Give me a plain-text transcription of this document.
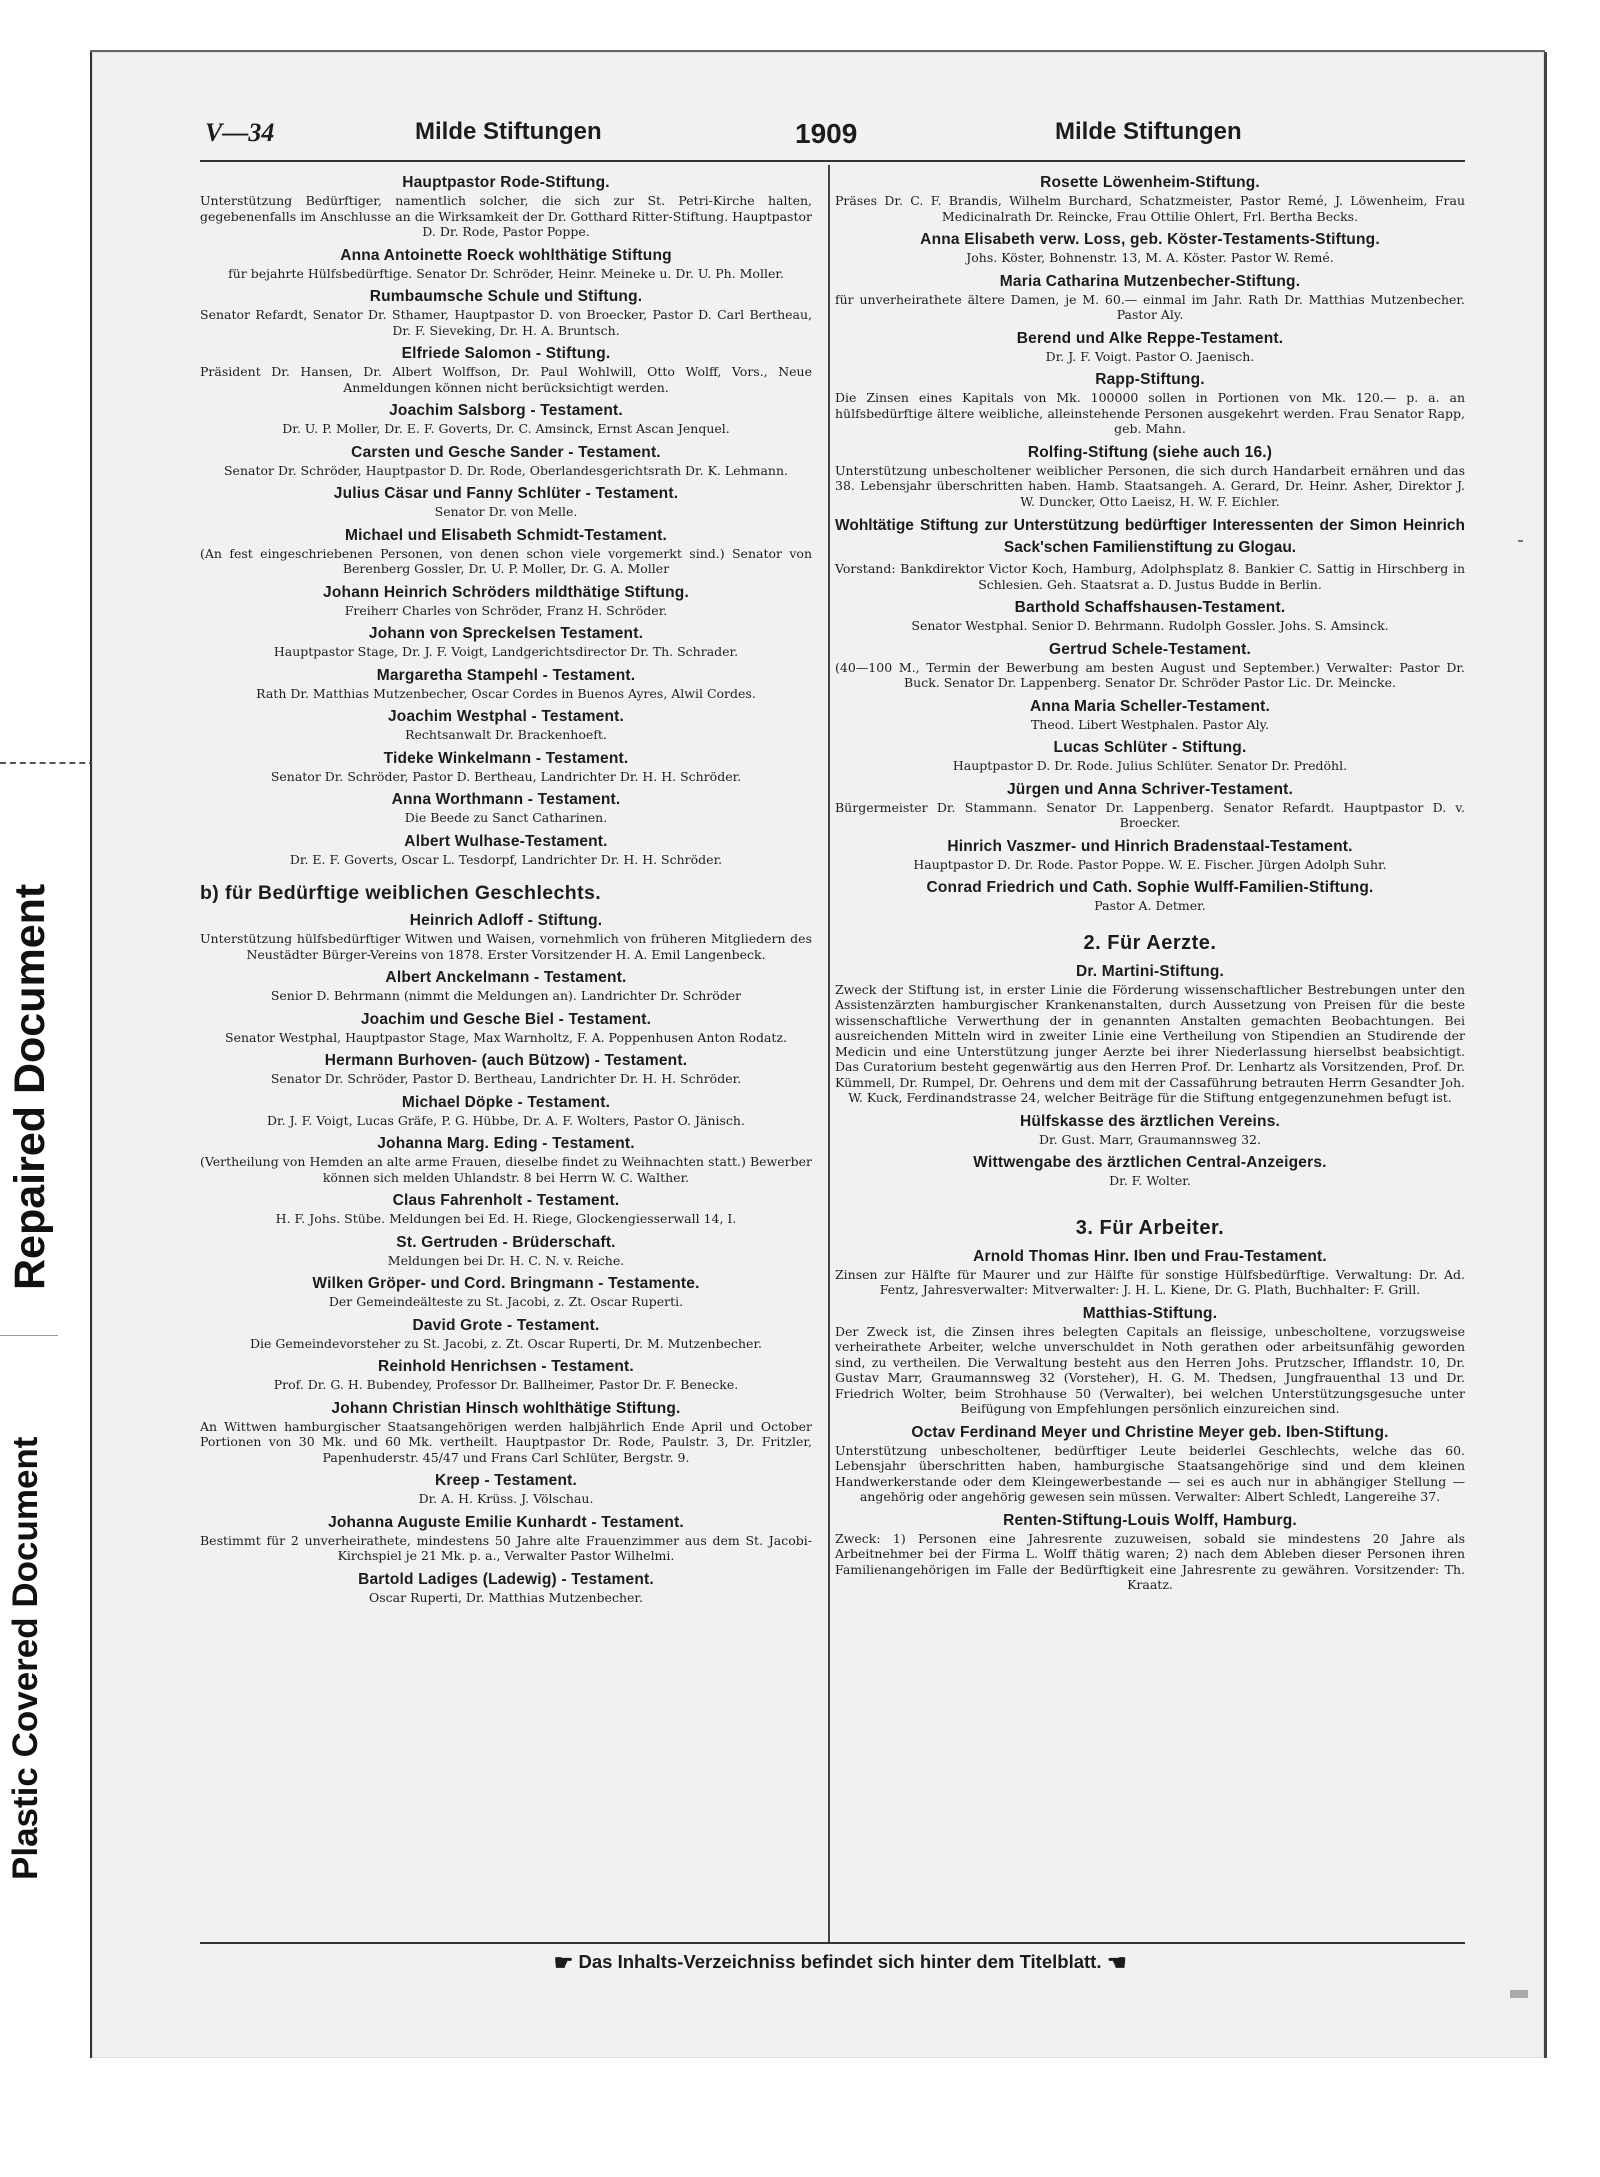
Plastic Covered Document
Repaired Document
V—34	Milde Stiftungen	1909	Milde Stiftungen
Hauptpastor Rode-Stiftung.

Unterstützung Bedürftiger, namentlich solcher, die sich zur St. Petri-Kirche halten, gegebenenfalls im Anschlusse an die Wirksamkeit der Dr. Gotthard Ritter-Stiftung. Hauptpastor D. Dr. Rode, Pastor Poppe.

Anna Antoinette Roeck wohlthätige Stiftung

für bejahrte Hülfsbedürftige. Senator Dr. Schröder, Heinr. Meineke u. Dr. U. Ph. Moller.

Rumbaumsche Schule und Stiftung.

Senator Refardt, Senator Dr. Sthamer, Hauptpastor D. von Broecker, Pastor D. Carl Bertheau, Dr. F. Sieveking, Dr. H. A. Bruntsch.

Elfriede Salomon - Stiftung.

Präsident Dr. Hansen, Dr. Albert Wolffson, Dr. Paul Wohlwill, Otto Wolff, Vors., Neue Anmeldungen können nicht berücksichtigt werden.

Joachim Salsborg - Testament.

Dr. U. P. Moller, Dr. E. F. Goverts, Dr. C. Amsinck, Ernst Ascan Jenquel.

Carsten und Gesche Sander - Testament.

Senator Dr. Schröder, Hauptpastor D. Dr. Rode, Oberlandesgerichtsrath Dr. K. Lehmann.

Julius Cäsar und Fanny Schlüter - Testament.

Senator Dr. von Melle.

Michael und Elisabeth Schmidt-Testament.

(An fest eingeschriebenen Personen, von denen schon viele vorgemerkt sind.) Senator von Berenberg Gossler, Dr. U. P. Moller, Dr. G. A. Moller

Johann Heinrich Schröders mildthätige Stiftung.

Freiherr Charles von Schröder, Franz H. Schröder.

Johann von Spreckelsen Testament.

Hauptpastor Stage, Dr. J. F. Voigt, Landgerichtsdirector Dr. Th. Schrader.

Margaretha Stampehl - Testament.

Rath Dr. Matthias Mutzenbecher, Oscar Cordes in Buenos Ayres, Alwil Cordes.

Joachim Westphal - Testament.

Rechtsanwalt Dr. Brackenhoeft.

Tideke Winkelmann - Testament.

Senator Dr. Schröder, Pastor D. Bertheau, Landrichter Dr. H. H. Schröder.

Anna Worthmann - Testament.

Die Beede zu Sanct Catharinen.

Albert Wulhase-Testament.

Dr. E. F. Goverts, Oscar L. Tesdorpf, Landrichter Dr. H. H. Schröder.

b) für Bedürftige weiblichen Geschlechts.
Heinrich Adloff - Stiftung.

Unterstützung hülfsbedürftiger Witwen und Waisen, vornehmlich von früheren Mitgliedern des Neustädter Bürger-Vereins von 1878. Erster Vorsitzender H. A. Emil Langenbeck.

Albert Anckelmann - Testament.

Senior D. Behrmann (nimmt die Meldungen an). Landrichter Dr. Schröder

Joachim und Gesche Biel - Testament.

Senator Westphal, Hauptpastor Stage, Max Warnholtz, F. A. Poppenhusen Anton Rodatz.

Hermann Burhoven- (auch Bützow) - Testament.

Senator Dr. Schröder, Pastor D. Bertheau, Landrichter Dr. H. H. Schröder.

Michael Döpke - Testament.

Dr. J. F. Voigt, Lucas Gräfe, P. G. Hübbe, Dr. A. F. Wolters, Pastor O. Jänisch.

Johanna Marg. Eding - Testament.

(Vertheilung von Hemden an alte arme Frauen, dieselbe findet zu Weihnachten statt.) Bewerber können sich melden Uhlandstr. 8 bei Herrn W. C. Walther.

Claus Fahrenholt - Testament.

H. F. Johs. Stübe. Meldungen bei Ed. H. Riege, Glockengiesserwall 14, I.

St. Gertruden - Brüderschaft.

Meldungen bei Dr. H. C. N. v. Reiche.

Wilken Gröper- und Cord. Bringmann - Testamente.

Der Gemeindeälteste zu St. Jacobi, z. Zt. Oscar Ruperti.

David Grote - Testament.

Die Gemeindevorsteher zu St. Jacobi, z. Zt. Oscar Ruperti, Dr. M. Mutzenbecher.

Reinhold Henrichsen - Testament.

Prof. Dr. G. H. Bubendey, Professor Dr. Ballheimer, Pastor Dr. F. Benecke.

Johann Christian Hinsch wohlthätige Stiftung.

An Wittwen hamburgischer Staatsangehörigen werden halbjährlich Ende April und October Portionen von 30 Mk. und 60 Mk. vertheilt. Hauptpastor Dr. Rode, Paulstr. 3, Dr. Fritzler, Papenhuderstr. 45/47 und Frans Carl Schlüter, Bergstr. 9.

Kreep - Testament.

Dr. A. H. Krüss. J. Völschau.

Johanna Auguste Emilie Kunhardt - Testament.

Bestimmt für 2 unverheirathete, mindestens 50 Jahre alte Frauenzimmer aus dem St. Jacobi-Kirchspiel je 21 Mk. p. a., Verwalter Pastor Wilhelmi.

Bartold Ladiges (Ladewig) - Testament.

Oscar Ruperti, Dr. Matthias Mutzenbecher.

Rosette Löwenheim-Stiftung.

Präses Dr. C. F. Brandis, Wilhelm Burchard, Schatzmeister, Pastor Remé, J. Löwenheim, Frau Medicinalrath Dr. Reincke, Frau Ottilie Ohlert, Frl. Bertha Becks.

Anna Elisabeth verw. Loss, geb. Köster-Testaments-Stiftung.

Johs. Köster, Bohnenstr. 13, M. A. Köster. Pastor W. Remé.

Maria Catharina Mutzenbecher-Stiftung.

für unverheirathete ältere Damen, je M. 60.— einmal im Jahr. Rath Dr. Matthias Mutzenbecher. Pastor Aly.

Berend und Alke Reppe-Testament.

Dr. J. F. Voigt. Pastor O. Jaenisch.

Rapp-Stiftung.

Die Zinsen eines Kapitals von Mk. 100000 sollen in Portionen von Mk. 120.— p. a. an hülfsbedürftige ältere weibliche, alleinstehende Personen ausgekehrt werden. Frau Senator Rapp, geb. Mahn.

Rolfing-Stiftung (siehe auch 16.)

Unterstützung unbescholtener weiblicher Personen, die sich durch Handarbeit ernähren und das 38. Lebensjahr überschritten haben. Hamb. Staatsangeh. A. Gerard, Dr. Heinr. Asher, Direktor J. W. Duncker, Otto Laeisz, H. W. F. Eichler.

Wohltätige Stiftung zur Unterstützung bedürftiger Interessenten der Simon Heinrich Sack'schen Familienstiftung zu Glogau.

Vorstand: Bankdirektor Victor Koch, Hamburg, Adolphsplatz 8. Bankier C. Sattig in Hirschberg in Schlesien. Geh. Staatsrat a. D. Justus Budde in Berlin.

Barthold Schaffshausen-Testament.

Senator Westphal. Senior D. Behrmann. Rudolph Gossler. Johs. S. Amsinck.

Gertrud Schele-Testament.

(40—100 M., Termin der Bewerbung am besten August und September.) Verwalter: Pastor Dr. Buck. Senator Dr. Lappenberg. Senator Dr. Schröder Pastor Lic. Dr. Meincke.

Anna Maria Scheller-Testament.

Theod. Libert Westphalen. Pastor Aly.

Lucas Schlüter - Stiftung.

Hauptpastor D. Dr. Rode. Julius Schlüter. Senator Dr. Predöhl.

Jürgen und Anna Schriver-Testament.

Bürgermeister Dr. Stammann. Senator Dr. Lappenberg. Senator Refardt. Hauptpastor D. v. Broecker.

Hinrich Vaszmer- und Hinrich Bradenstaal-Testament.

Hauptpastor D. Dr. Rode. Pastor Poppe. W. E. Fischer. Jürgen Adolph Suhr.

Conrad Friedrich und Cath. Sophie Wulff-Familien-Stiftung.

Pastor A. Detmer.

2. Für Aerzte.
Dr. Martini-Stiftung.

Zweck der Stiftung ist, in erster Linie die Förderung wissenschaftlicher Bestrebungen unter den Assistenzärzten hamburgischer Krankenanstalten, durch Aussetzung von Preisen für die beste wissenschaftliche Verwerthung der in genannten Anstalten gemachten Beobachtungen. Bei ausreichenden Mitteln wird in zweiter Linie eine Vertheilung von Stipendien an Studirende der Medicin und eine Unterstützung junger Aerzte bei ihrer Niederlassung hierselbst beabsichtigt. Das Curatorium besteht gegenwärtig aus den Herren Prof. Dr. Lenhartz als Vorsitzenden, Prof. Dr. Kümmell, Dr. Rumpel, Dr. Oehrens und dem mit der Cassaführung betrauten Herrn Gesandter Joh. W. Kuck, Ferdinandstrasse 24, welcher Beiträge für die Stiftung entgegenzunehmen befugt ist.

Hülfskasse des ärztlichen Vereins.

Dr. Gust. Marr, Graumannsweg 32.

Wittwengabe des ärztlichen Central-Anzeigers.

Dr. F. Wolter.

3. Für Arbeiter.
Arnold Thomas Hinr. Iben und Frau-Testament.

Zinsen zur Hälfte für Maurer und zur Hälfte für sonstige Hülfsbedürftige. Verwaltung: Dr. Ad. Fentz, Jahresverwalter: Mitverwalter: J. H. L. Kiene, Dr. G. Plath, Buchhalter: F. Grill.

Matthias-Stiftung.

Der Zweck ist, die Zinsen ihres belegten Capitals an fleissige, unbescholtene, vorzugsweise verheirathete Arbeiter, welche unverschuldet in Noth gerathen oder arbeitsunfähig geworden sind, zu vertheilen. Die Verwaltung besteht aus den Herren Johs. Prutzscher, Ifflandstr. 10, Dr. Gustav Marr, Graumannsweg 32 (Vorsteher), H. G. M. Thedsen, Jungfrauenthal 13 und Dr. Friedrich Wolter, beim Strohhause 50 (Verwalter), bei welchen Unterstützungsgesuche unter Beifügung von Empfehlungen persönlich einzureichen sind.

Octav Ferdinand Meyer und Christine Meyer geb. Iben-Stiftung.

Unterstützung unbescholtener, bedürftiger Leute beiderlei Geschlechts, welche das 60. Lebensjahr überschritten haben, hamburgische Staatsangehörige sind und dem kleinen Handwerkerstande oder dem Kleingewerbestande — sei es auch nur in abhängiger Stellung — angehörig oder angehörig gewesen sein müssen. Verwalter: Albert Schledt, Langereihe 37.

Renten-Stiftung-Louis Wolff, Hamburg.

Zweck: 1) Personen eine Jahresrente zuzuweisen, sobald sie mindestens 20 Jahre als Arbeitnehmer bei der Firma L. Wolff thätig waren; 2) nach dem Ableben dieser Personen ihren Familienangehörigen im Falle der Bedürftigkeit eine Jahresrente zu gewähren. Vorsitzender: Th. Kraatz.

☛ Das Inhalts-Verzeichniss befindet sich hinter dem Titelblatt. ☛
